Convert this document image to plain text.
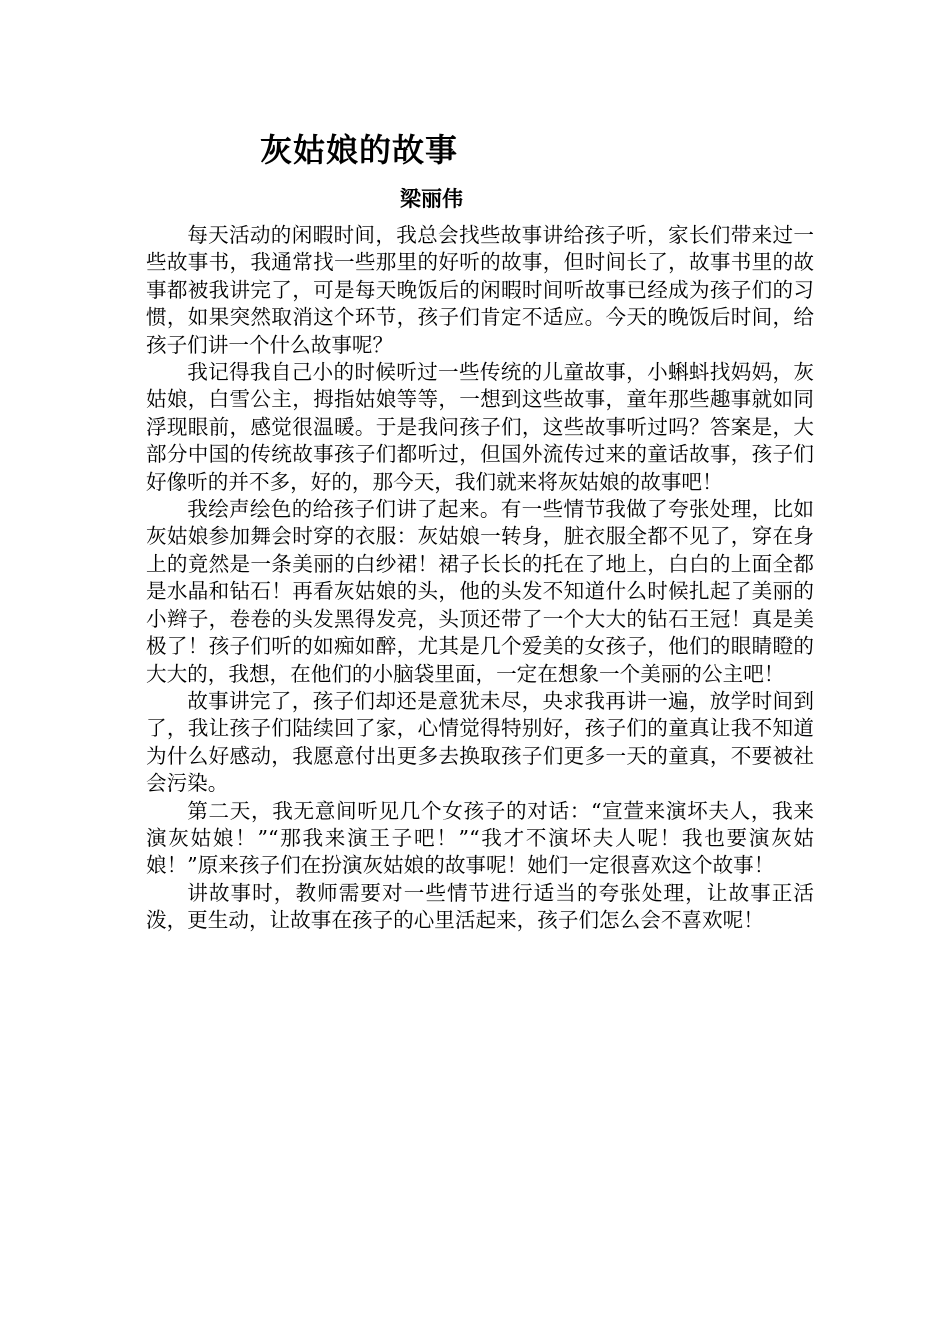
灰姑娘的故事
梁丽伟

每天活动的闲暇时间，我总会找些故事讲给孩子听，家长们带来过一些故事书，我通常找一些那里的好听的故事，但时间长了，故事书里的故事都被我讲完了，可是每天晚饭后的闲暇时间听故事已经成为孩子们的习惯，如果突然取消这个环节，孩子们肯定不适应。今天的晚饭后时间，给孩子们讲一个什么故事呢？

我记得我自己小的时候听过一些传统的儿童故事，小蝌蚪找妈妈，灰姑娘，白雪公主，拇指姑娘等等，一想到这些故事，童年那些趣事就如同浮现眼前，感觉很温暖。于是我问孩子们，这些故事听过吗？答案是，大部分中国的传统故事孩子们都听过，但国外流传过来的童话故事，孩子们好像听的并不多，好的，那今天，我们就来将灰姑娘的故事吧！

我绘声绘色的给孩子们讲了起来。有一些情节我做了夸张处理，比如灰姑娘参加舞会时穿的衣服：灰姑娘一转身，脏衣服全都不见了，穿在身上的竟然是一条美丽的白纱裙！裙子长长的托在了地上，白白的上面全都是水晶和钻石！再看灰姑娘的头，他的头发不知道什么时候扎起了美丽的小辫子，卷卷的头发黑得发亮，头顶还带了一个大大的钻石王冠！真是美极了！孩子们听的如痴如醉，尤其是几个爱美的女孩子，他们的眼睛瞪的大大的，我想，在他们的小脑袋里面，一定在想象一个美丽的公主吧！

故事讲完了，孩子们却还是意犹未尽，央求我再讲一遍，放学时间到了，我让孩子们陆续回了家，心情觉得特别好，孩子们的童真让我不知道为什么好感动，我愿意付出更多去换取孩子们更多一天的童真，不要被社会污染。

第二天，我无意间听见几个女孩子的对话：“宣萱来演坏夫人，我来演灰姑娘！”“那我来演王子吧！”“我才不演坏夫人呢！我也要演灰姑娘！”原来孩子们在扮演灰姑娘的故事呢！她们一定很喜欢这个故事！

讲故事时，教师需要对一些情节进行适当的夸张处理，让故事正活泼，更生动，让故事在孩子的心里活起来，孩子们怎么会不喜欢呢！
